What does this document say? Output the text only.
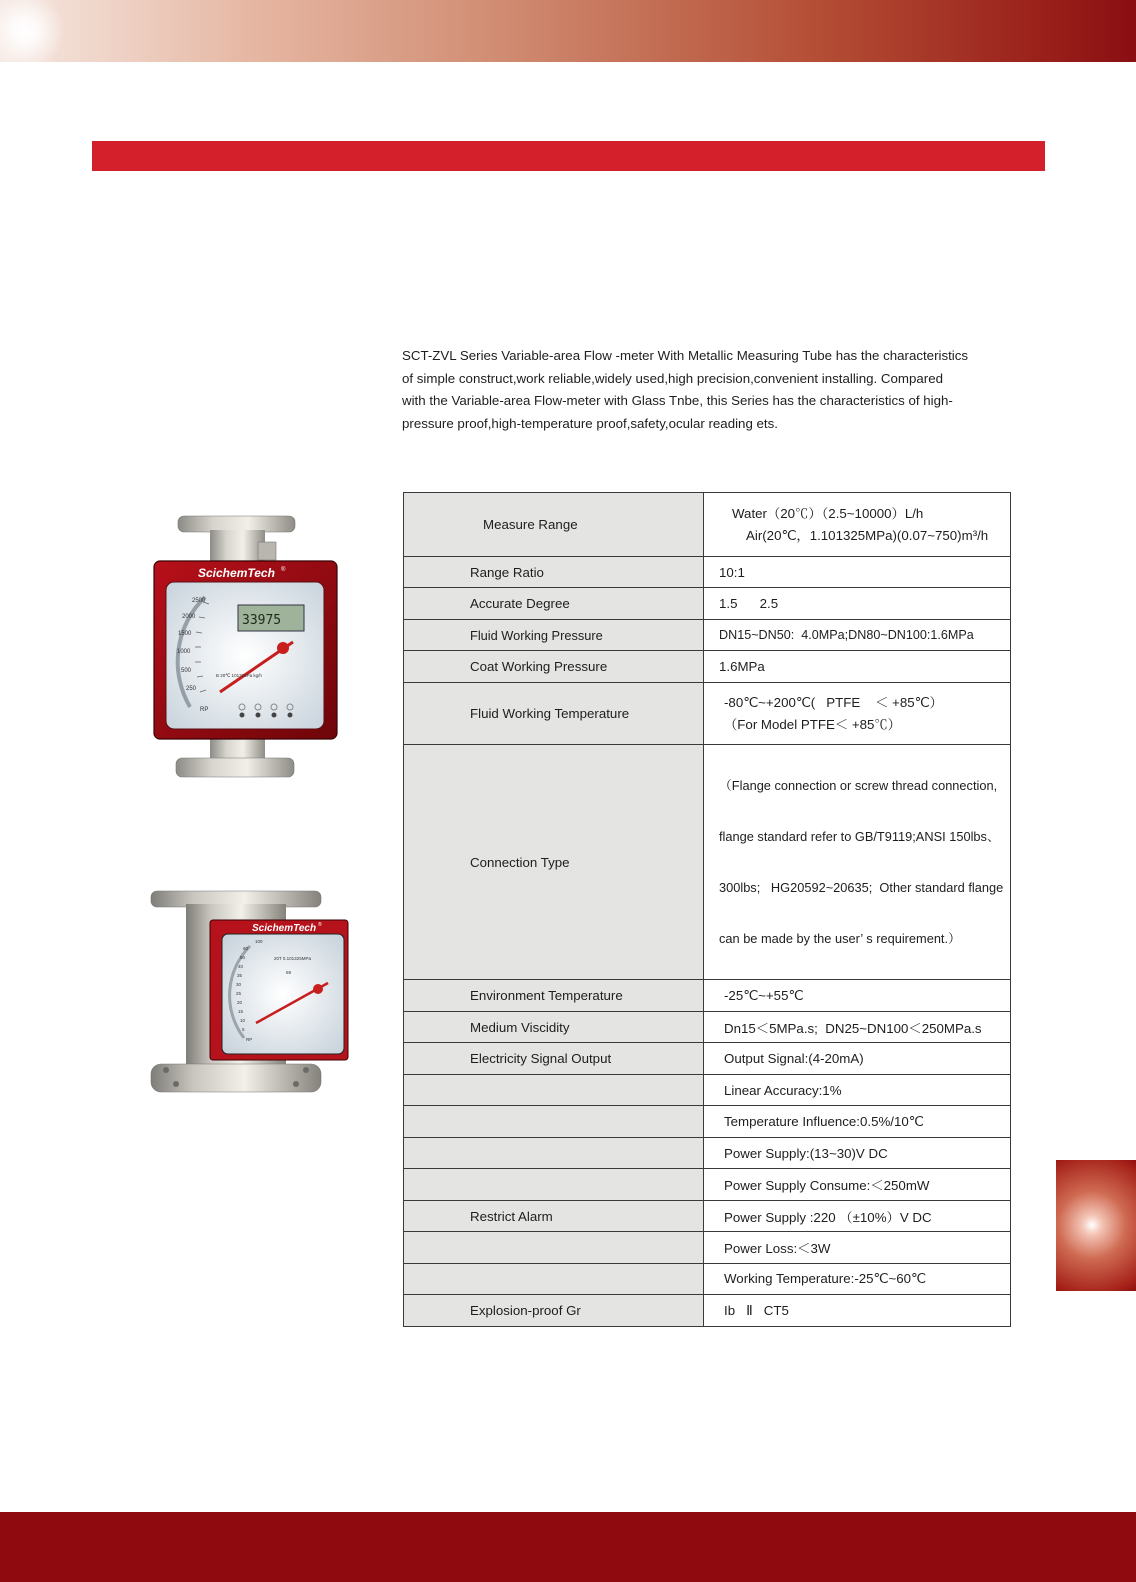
SCT-ZVL Series Variable-area Flow -meter With Metallic Measuring Tube has the characteristics
of simple construct,work reliable,widely used,high precision,convenient installing. Compared
with the Variable-area Flow-meter with Glass Tnbe, this Series has the characteristics of high-
pressure proof,high-temperature proof,safety,ocular reading ets.
ScichemTech ®
33975
2500
2000
1500
1000
500
250
RP
B 20℃ 101325Pa kg/h
ScichemTech ®
60
50
40
35
30
25
20
15
10
5
100
20T 0.101325MPa
69
RP
Measure Range	Water（20℃）（2.5~10000）L/h
Air(20℃，1.101325MPa)(0.07~750)m³/h

Range Ratio	10:1
Accurate Degree	1.5      2.5
Fluid Working Pressure	DN15~DN50:  4.0MPa;DN80~DN100:1.6MPa
Coat Working Pressure	1.6MPa
Fluid Working Temperature	-80℃~+200℃(   PTFE    ＜ +85℃）
（For Model PTFE＜ +85℃）

Connection Type	（Flange connection or screw thread connection,

flange standard refer to GB/T9119;ANSI 150lbs、

300lbs;   HG20592~20635;  Other standard flange

can be made by the user’ s requirement.）

Environment Temperature	-25℃~+55℃
Medium Viscidity	Dn15＜5MPa.s;  DN25~DN100＜250MPa.s
Electricity Signal Output	Output Signal:(4-20mA)
	Linear Accuracy:1%
	Temperature Influence:0.5%/10℃
	Power Supply:(13~30)V DC
	Power Supply Consume:＜250mW
Restrict Alarm	Power Supply :220 （±10%）V DC
	Power Loss:＜3W
	Working Temperature:-25℃~60℃
Explosion-proof Gr	Ib   Ⅱ   CT5
